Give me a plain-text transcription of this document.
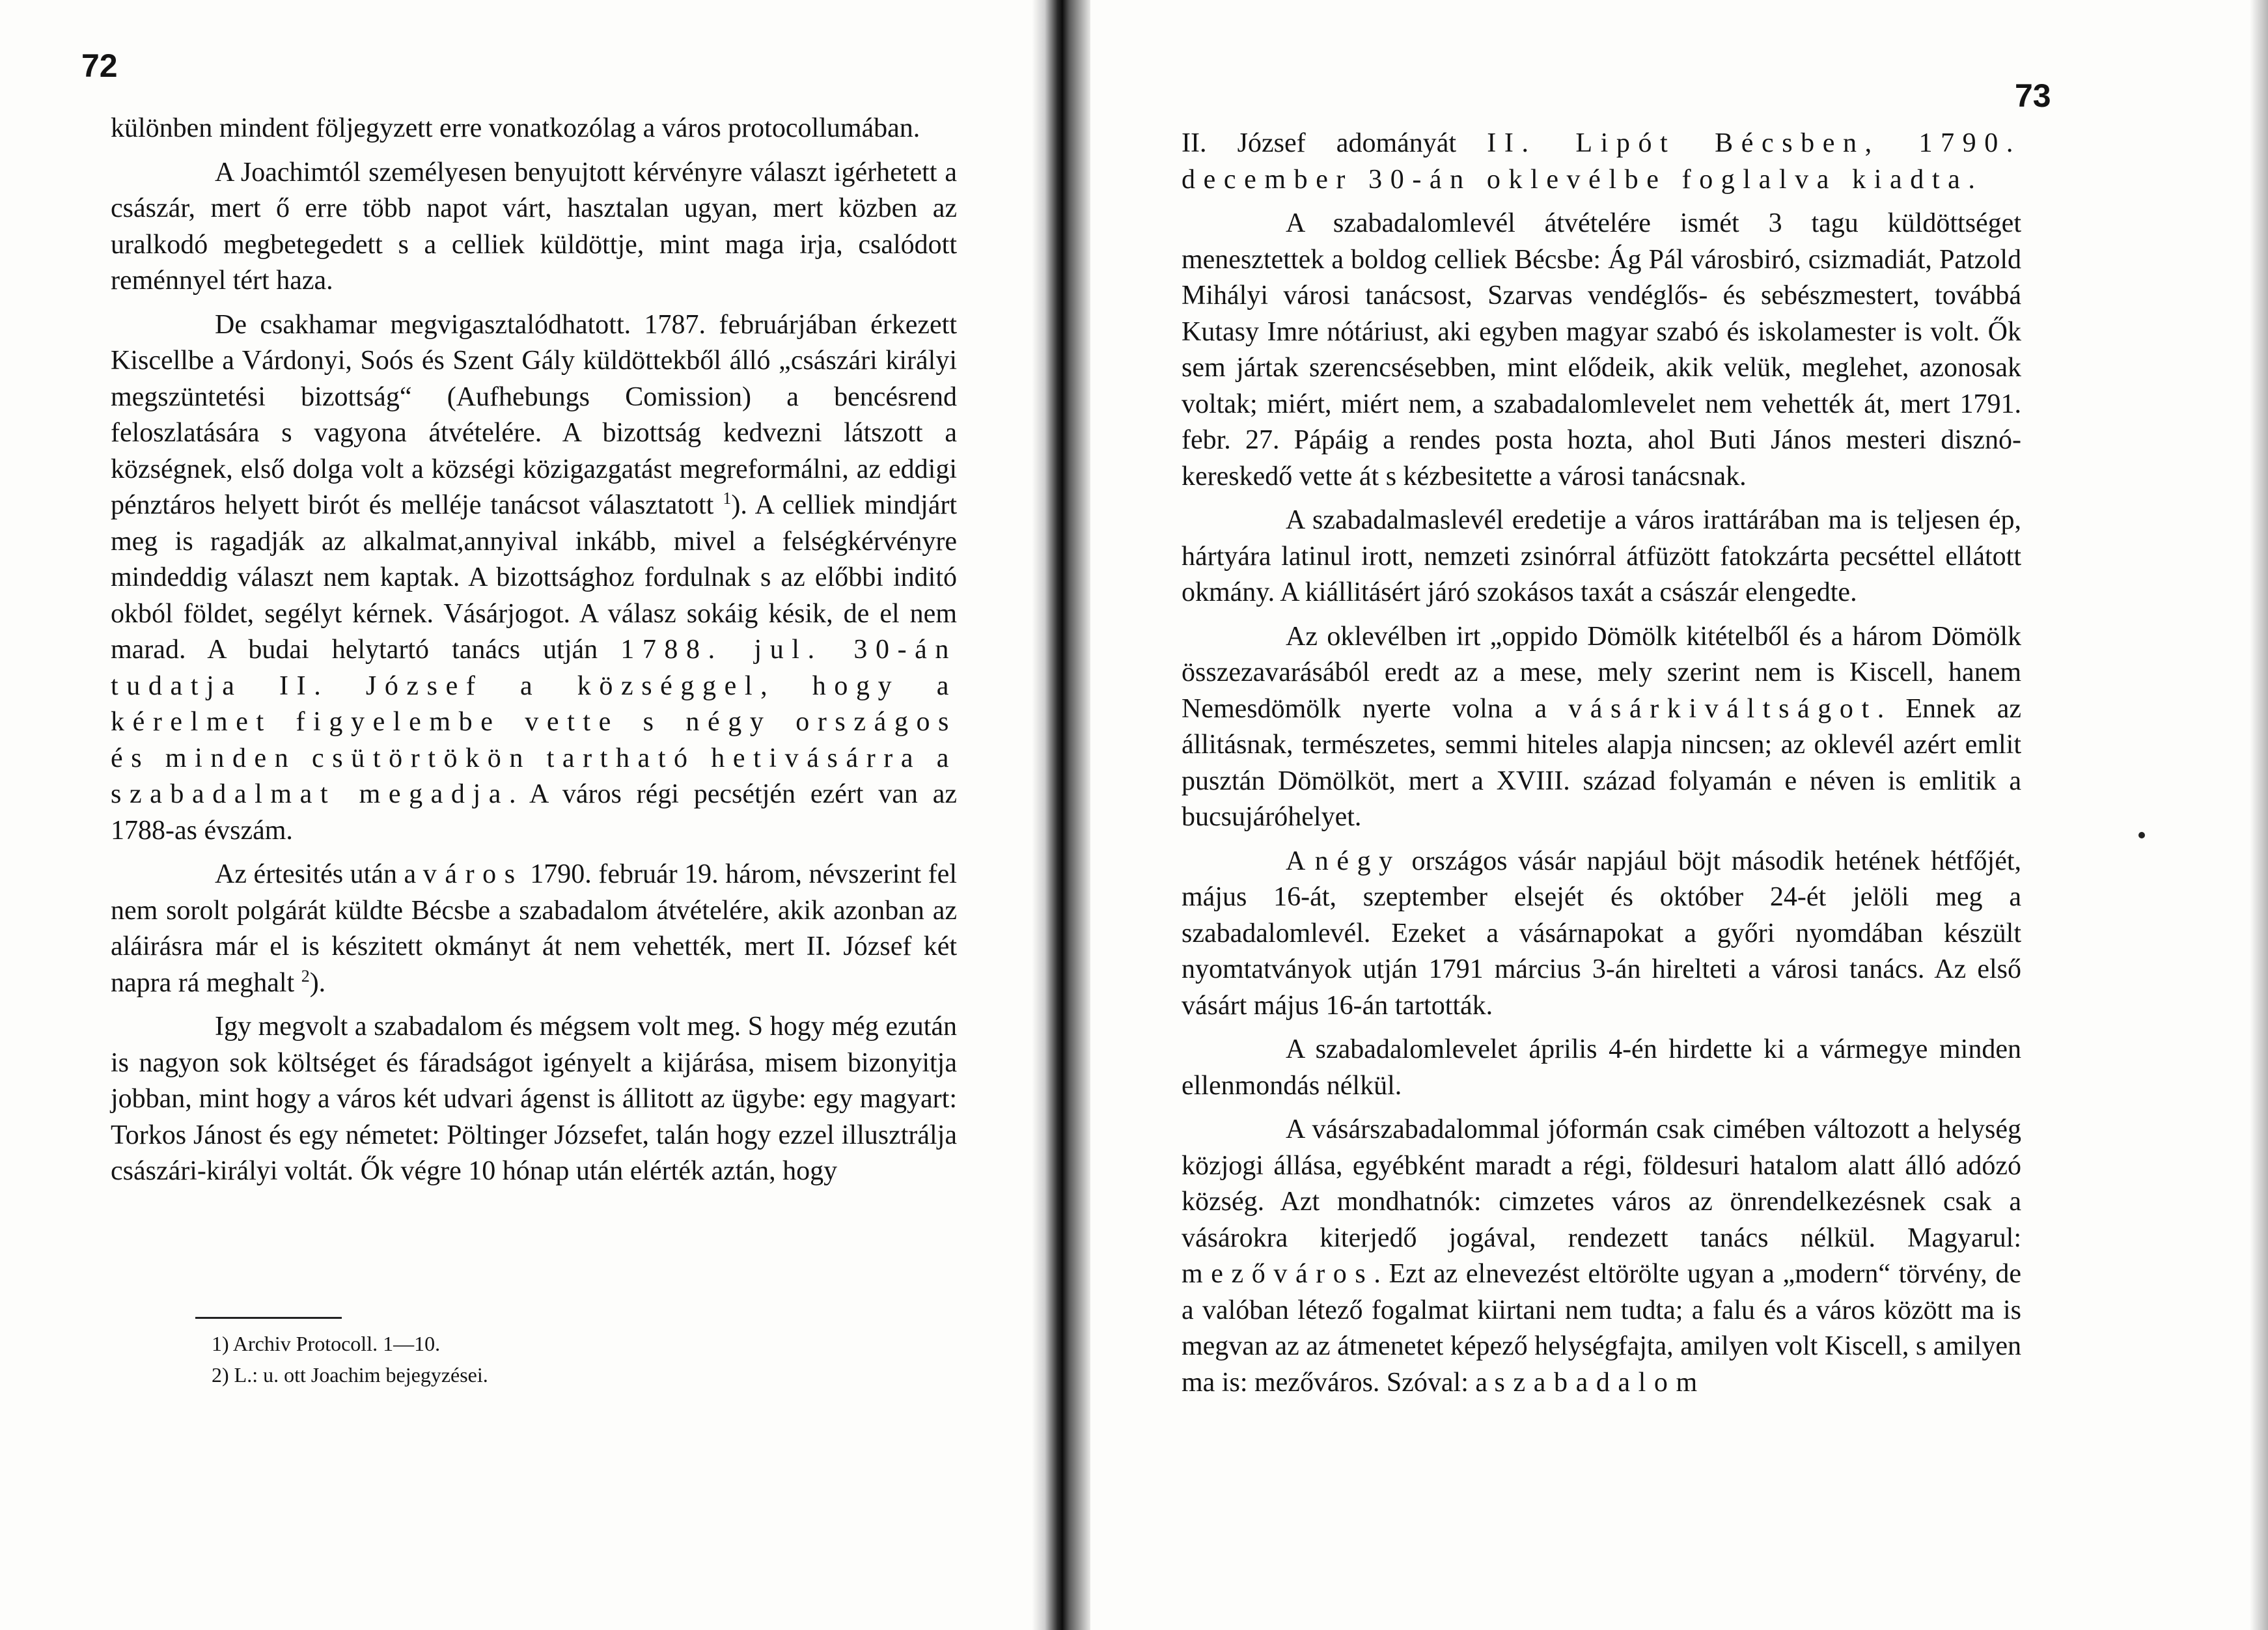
72

különben mindent följegyzett erre vonatkozólag a város protocollumában.

A Joachimtól személyesen benyujtott kérvényre választ igérhetett a császár, mert ő erre több napot várt, hasztalan ugyan, mert közben az uralkodó megbetegedett s a celliek küldöttje, mint maga irja, csalódott reménnyel tért haza.

De csakhamar megvigasztalódhatott. 1787. februárjában érkezett Kiscellbe a Várdonyi, Soós és Szent Gály küldöttekből álló „császári királyi megszüntetési bizottság“ (Aufhebungs Comission) a bencésrend feloszlatására s vagyona átvételére. A bizottság kedvezni látszott a községnek, első dolga volt a községi közigazgatást megreformálni, az eddigi pénztáros helyett birót és melléje tanácsot választatott $^1$). A celliek mindjárt meg is ragadják az alkalmat,annyival inkább, mivel a felségkérvényre mindeddig választ nem kaptak. A bizottsághoz fordulnak s az előbbi inditó okból földet, segélyt kérnek. Vásárjogot. A válasz sokáig késik, de el nem marad. A budai helytartó tanács utján 1788. jul. 30-án tudatja II. József a községgel, hogy a kérelmet figyelembe vette s négy országos és minden csütörtökön tartható hetivásárra a szabadalmat megadja. A város régi pecsétjén ezért van az 1788-as évszám.

Az értesités után a város 1790. február 19. három, névszerint fel nem sorolt polgárát küldte Bécsbe a szabadalom átvételére, akik azonban az aláirásra már el is készitett okmányt át nem vehették, mert II. József két napra rá meghalt $^2$).

Igy megvolt a szabadalom és mégsem volt meg. S hogy még ezután is nagyon sok költséget és fáradságot igényelt a kijárása, misem bizonyitja jobban, mint hogy a város két udvari ágenst is állitott az ügybe: egy magyart: Torkos Jánost és egy németet: Pöltinger Józsefet, talán hogy ezzel illusztrálja császári-királyi voltát. Ők végre 10 hónap után elérték aztán, hogy

1) Archiv Protocoll. 1—10.
2) L.: u. ott Joachim bejegyzései.
73

II. József adományát II. Lipót Bécsben, 1790. december 30-án oklevélbe foglalva kiadta.

A szabadalomlevél átvételére ismét 3 tagu küldöttséget menesztettek a boldog celliek Bécsbe: Ág Pál városbiró, csizmadiát, Patzold Mihályi városi tanácsost, Szarvas vendéglős- és sebészmestert, továbbá Kutasy Imre nótáriust, aki egyben magyar szabó és iskolamester is volt. Ők sem jártak szerencsésebben, mint elődeik, akik velük, meglehet, azonosak voltak; miért, miért nem, a szabadalomlevelet nem vehették át, mert 1791. febr. 27. Pápáig a rendes posta hozta, ahol Buti János mesteri disznókereskedő vette át s kézbesitette a városi tanácsnak.

A szabadalmaslevél eredetije a város irattárában ma is teljesen ép, hártyára latinul irott, nemzeti zsinórral átfüzött fatokzárta pecséttel ellátott okmány. A kiállitásért járó szokásos taxát a császár elengedte.

Az oklevélben irt „oppido Dömölk kitételből és a három Dömölk összezavarásából eredt az a mese, mely szerint nem is Kiscell, hanem Nemesdömölk nyerte volna a vásárkiváltságot. Ennek az állitásnak, természetes, semmi hiteles alapja nincsen; az oklevél azért emlit pusztán Dömölköt, mert a XVIII. század folyamán e néven is emlitik a bucsujáróhelyet.

A négy országos vásár napjául böjt második hetének hétfőjét, május 16-át, szeptember elsejét és október 24-ét jelöli meg a szabadalomlevél. Ezeket a vásárnapokat a győri nyomdában készült nyomtatványok utján 1791 március 3-án hirelteti a városi tanács. Az első vásárt május 16-án tartották.

A szabadalomlevelet április 4-én hirdette ki a vármegye minden ellenmondás nélkül.

A vásárszabadalommal jóformán csak cimében változott a helység közjogi állása, egyébként maradt a régi, földesuri hatalom alatt álló adózó község. Azt mondhatnók: cimzetes város az önrendelkezésnek csak a vásárokra kiterjedő jogával, rendezett tanács nélkül. Magyarul: mezőváros. Ezt az elnevezést eltörölte ugyan a „modern“ törvény, de a valóban létező fogalmat kiirtani nem tudta; a falu és a város között ma is megvan az az átmenetet képező helységfajta, amilyen volt Kiscell, s amilyen ma is: mezőváros. Szóval: a szabadalom
